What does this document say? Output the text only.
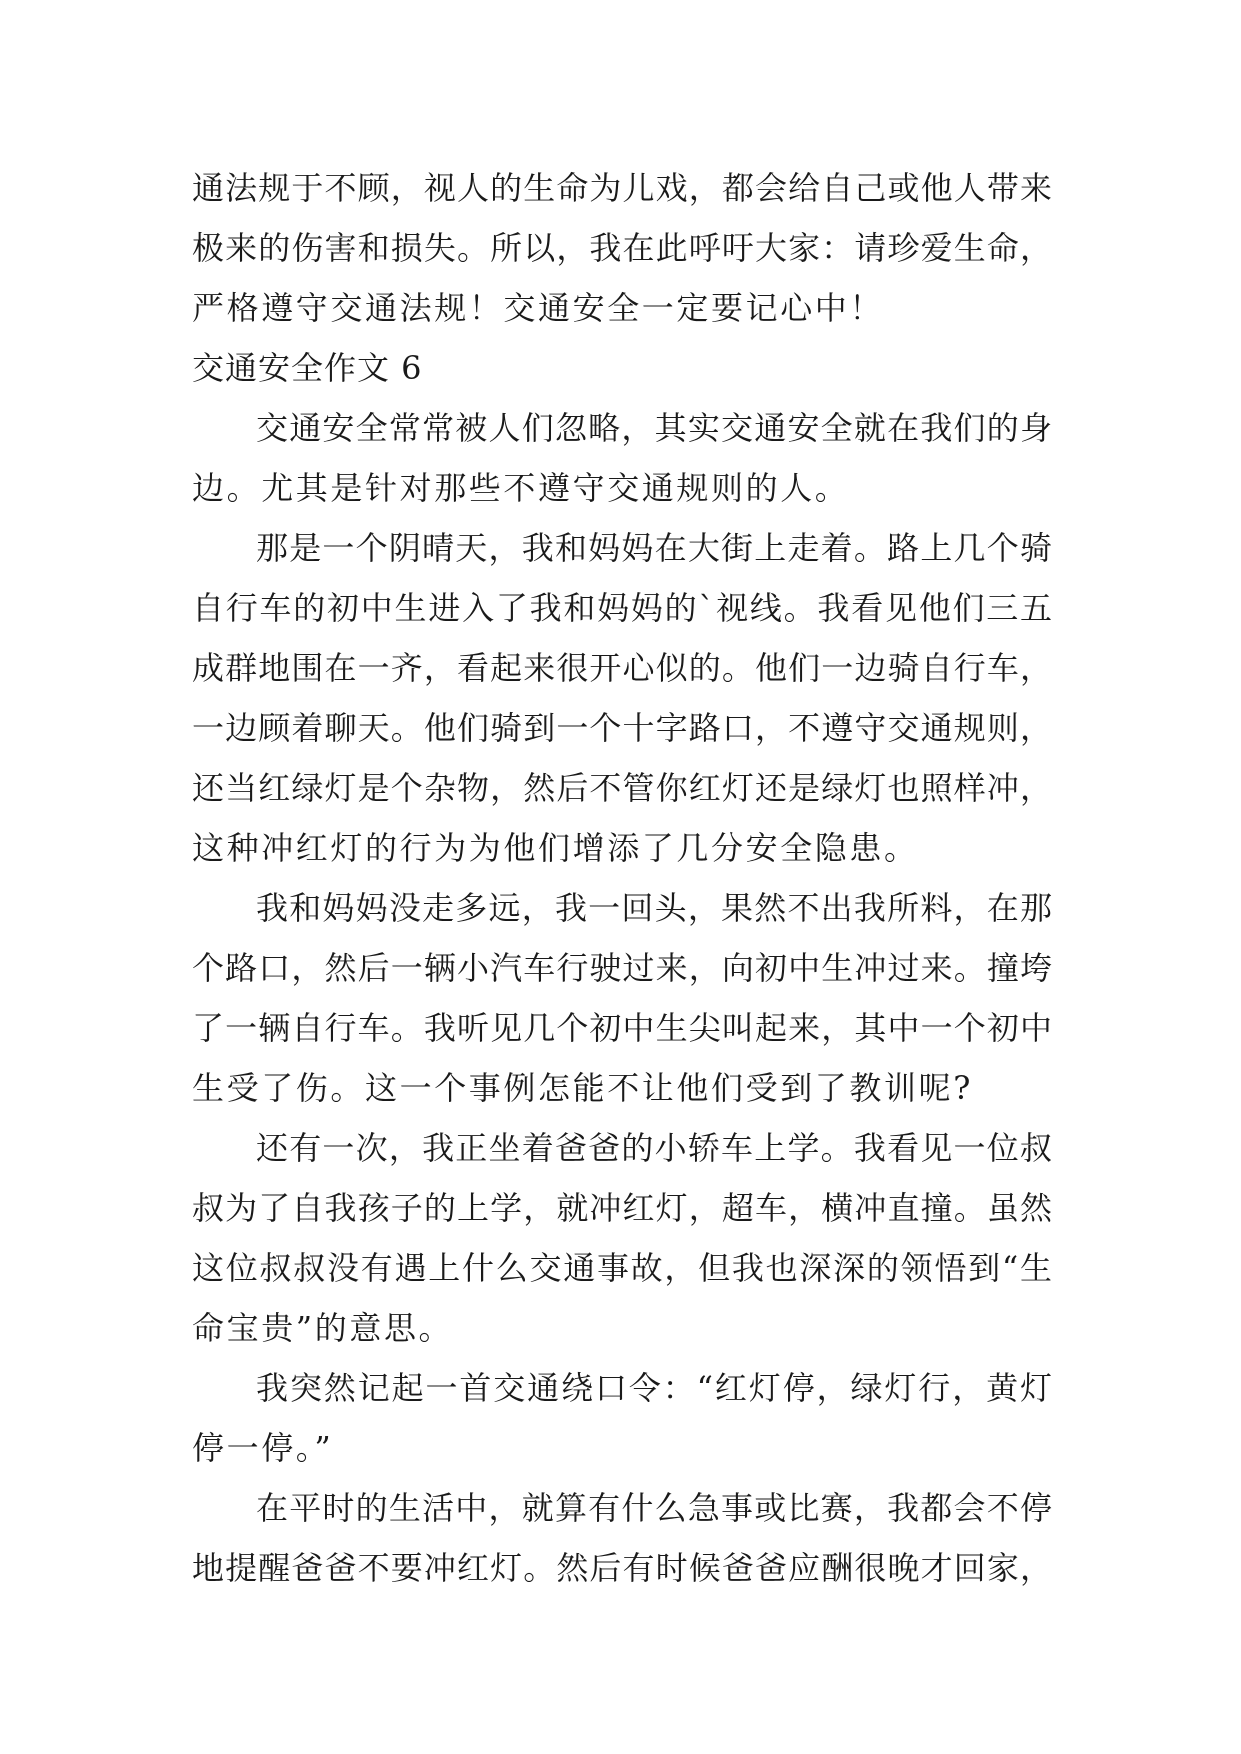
通法规于不顾，视人的生命为儿戏，都会给自己或他人带来
极来的伤害和损失。所以，我在此呼吁大家：请珍爱生命，
严格遵守交通法规！交通安全一定要记心中！
交通安全作文 6
交通安全常常被人们忽略，其实交通安全就在我们的身
边。尤其是针对那些不遵守交通规则的人。
那是一个阴晴天，我和妈妈在大街上走着。路上几个骑
自行车的初中生进入了我和妈妈的`视线。我看见他们三五
成群地围在一齐，看起来很开心似的。他们一边骑自行车，
一边顾着聊天。他们骑到一个十字路口，不遵守交通规则，
还当红绿灯是个杂物，然后不管你红灯还是绿灯也照样冲，
这种冲红灯的行为为他们增添了几分安全隐患。
我和妈妈没走多远，我一回头，果然不出我所料，在那
个路口，然后一辆小汽车行驶过来，向初中生冲过来。撞垮
了一辆自行车。我听见几个初中生尖叫起来，其中一个初中
生受了伤。这一个事例怎能不让他们受到了教训呢?
还有一次，我正坐着爸爸的小轿车上学。我看见一位叔
叔为了自我孩子的上学，就冲红灯，超车，横冲直撞。虽然
这位叔叔没有遇上什么交通事故，但我也深深的领悟到“生
命宝贵”的意思。
我突然记起一首交通绕口令：“红灯停，绿灯行，黄灯
停一停。”
在平时的生活中，就算有什么急事或比赛，我都会不停
地提醒爸爸不要冲红灯。然后有时候爸爸应酬很晚才回家，
